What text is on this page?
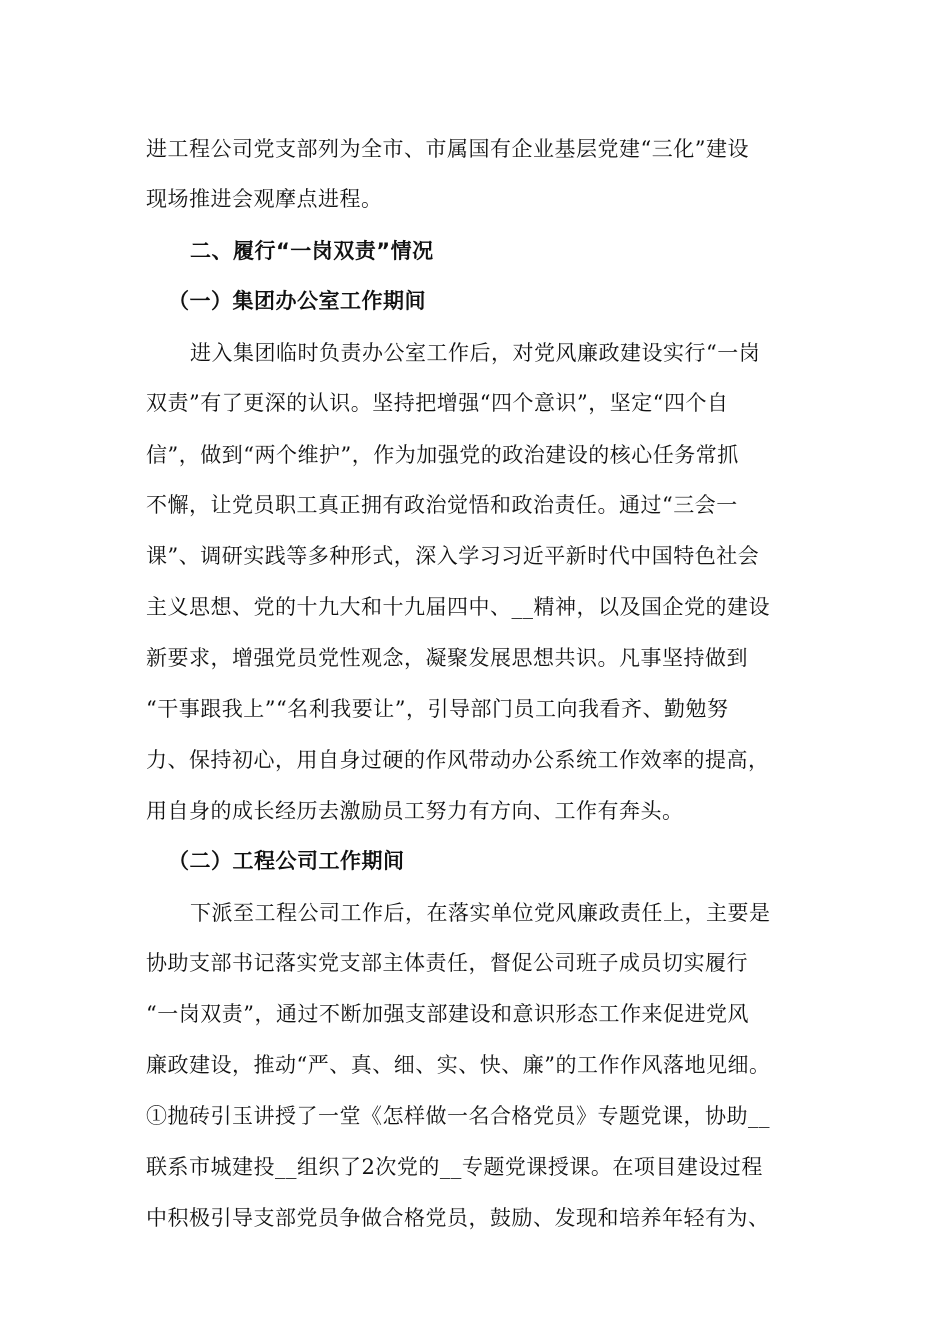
进工程公司党支部列为全市、市属国有企业基层党建“三化”建设
现场推进会观摩点进程。
二、履行“一岗双责”情况
（一）集团办公室工作期间
进入集团临时负责办公室工作后，对党风廉政建设实行“一岗
双责”有了更深的认识。坚持把增强“四个意识”，坚定“四个自
信”，做到“两个维护”，作为加强党的政治建设的核心任务常抓
不懈，让党员职工真正拥有政治觉悟和政治责任。通过“三会一
课”、调研实践等多种形式，深入学习习近平新时代中国特色社会
主义思想、党的十九大和十九届四中、__精神，以及国企党的建设
新要求，增强党员党性观念，凝聚发展思想共识。凡事坚持做到
“干事跟我上”“名利我要让”，引导部门员工向我看齐、勤勉努
力、保持初心，用自身过硬的作风带动办公系统工作效率的提高，
用自身的成长经历去激励员工努力有方向、工作有奔头。
（二）工程公司工作期间
下派至工程公司工作后，在落实单位党风廉政责任上，主要是
协助支部书记落实党支部主体责任，督促公司班子成员切实履行
“一岗双责”，通过不断加强支部建设和意识形态工作来促进党风
廉政建设，推动“严、真、细、实、快、廉”的工作作风落地见细。
①抛砖引玉讲授了一堂《怎样做一名合格党员》专题党课，协助__
联系市城建投__组织了2次党的__专题党课授课。在项目建设过程
中积极引导支部党员争做合格党员，鼓励、发现和培养年轻有为、
